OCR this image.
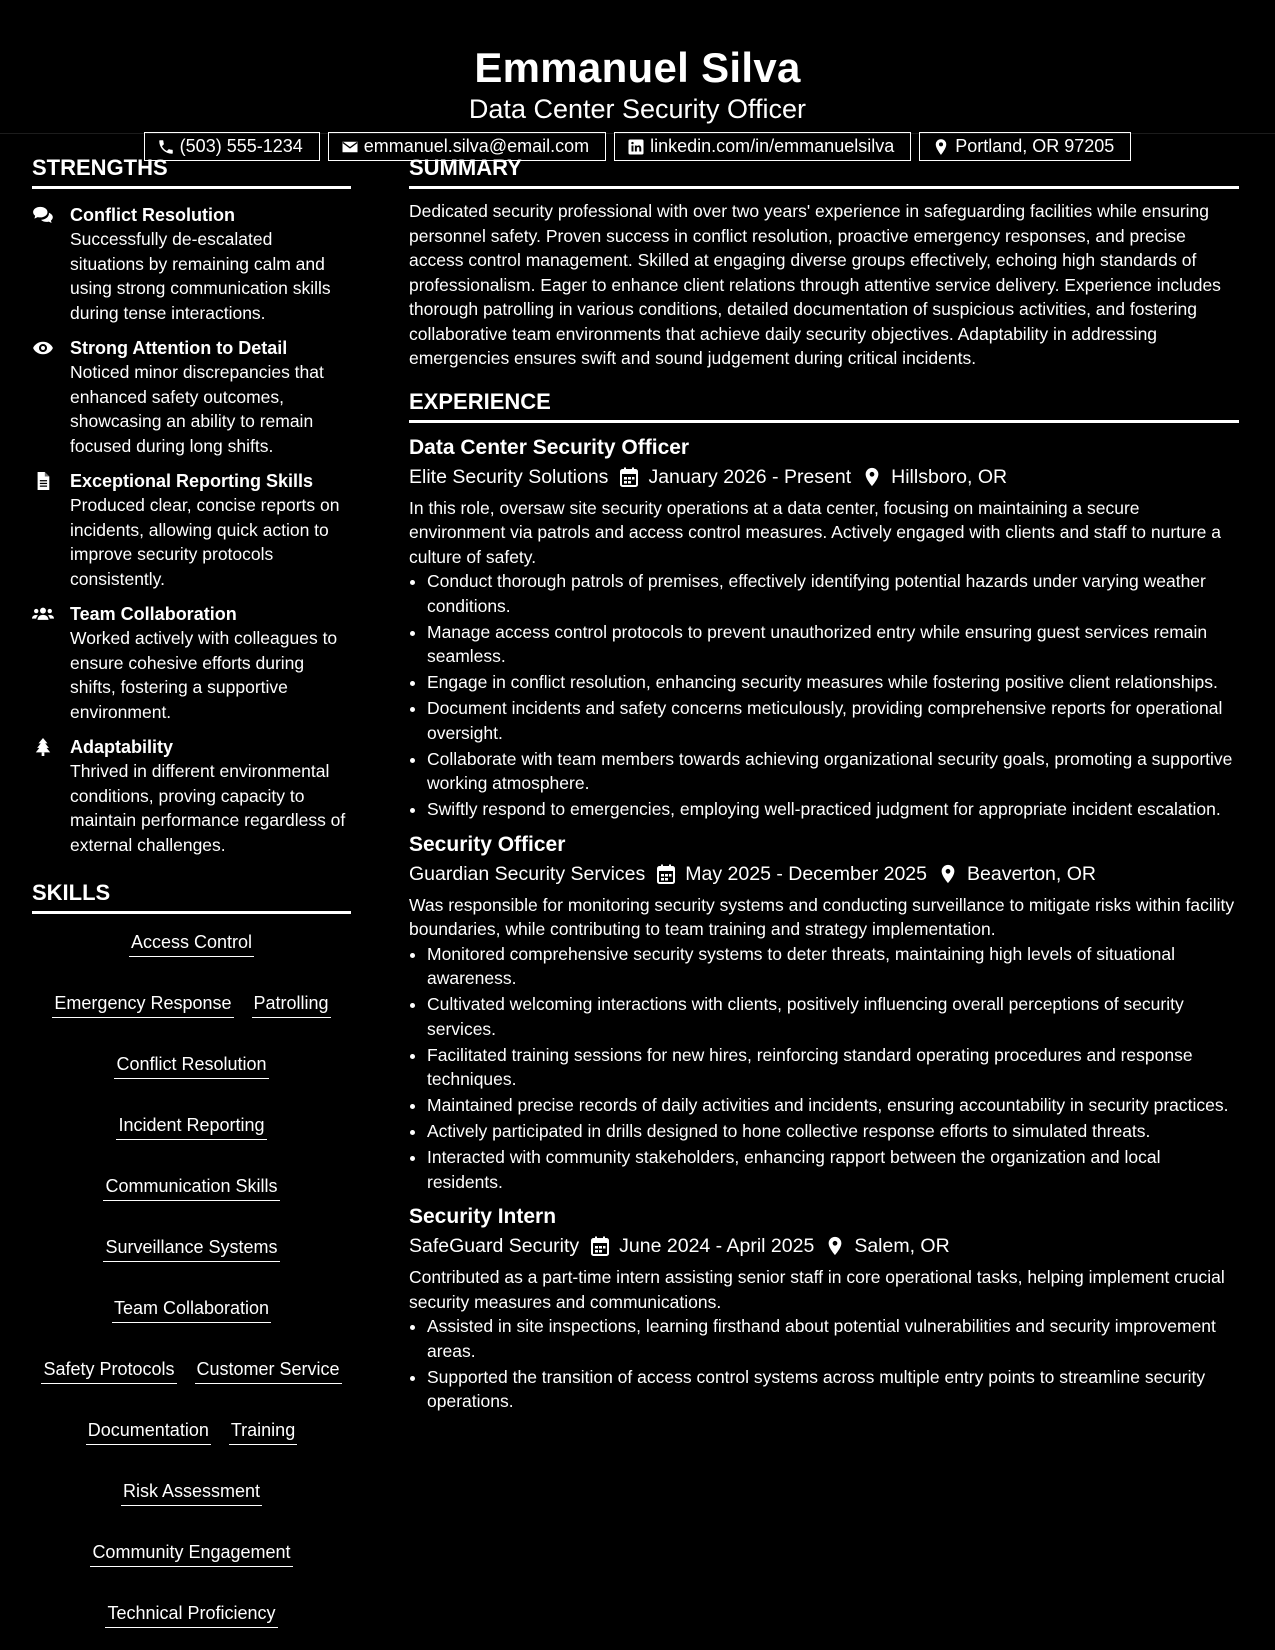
Emmanuel Silva
Data Center Security Officer
(503) 555-1234	emmanuel.silva@email.com	linkedin.com/in/emmanuelsilva	Portland, OR 97205
STRENGTHS
Conflict Resolution
Successfully de-escalated situations by remaining calm and using strong communication skills during tense interactions.
Strong Attention to Detail
Noticed minor discrepancies that enhanced safety outcomes, showcasing an ability to remain focused during long shifts.
Exceptional Reporting Skills
Produced clear, concise reports on incidents, allowing quick action to improve security protocols consistently.
Team Collaboration
Worked actively with colleagues to ensure cohesive efforts during shifts, fostering a supportive environment.
Adaptability
Thrived in different environmental conditions, proving capacity to maintain performance regardless of external challenges.
SKILLS
Access Control
Emergency Response Patrolling
Conflict Resolution
Incident Reporting
Communication Skills
Surveillance Systems
Team Collaboration
Safety Protocols Customer Service
Documentation Training
Risk Assessment
Community Engagement
Technical Proficiency
SUMMARY
Dedicated security professional with over two years' experience in safeguarding facilities while ensuring personnel safety. Proven success in conflict resolution, proactive emergency responses, and precise access control management. Skilled at engaging diverse groups effectively, echoing high standards of professionalism. Eager to enhance client relations through attentive service delivery. Experience includes thorough patrolling in various conditions, detailed documentation of suspicious activities, and fostering collaborative team environments that achieve daily security objectives. Adaptability in addressing emergencies ensures swift and sound judgement during critical incidents.
EXPERIENCE
Data Center Security Officer
Elite Security Solutions January 2026 - Present Hillsboro, OR
In this role, oversaw site security operations at a data center, focusing on maintaining a secure environment via patrols and access control measures. Actively engaged with clients and staff to nurture a culture of safety.
• Conduct thorough patrols of premises, effectively identifying potential hazards under varying weather conditions.
• Manage access control protocols to prevent unauthorized entry while ensuring guest services remain seamless.
• Engage in conflict resolution, enhancing security measures while fostering positive client relationships.
• Document incidents and safety concerns meticulously, providing comprehensive reports for operational oversight.
• Collaborate with team members towards achieving organizational security goals, promoting a supportive working atmosphere.
• Swiftly respond to emergencies, employing well-practiced judgment for appropriate incident escalation.
Security Officer
Guardian Security Services May 2025 - December 2025 Beaverton, OR
Was responsible for monitoring security systems and conducting surveillance to mitigate risks within facility boundaries, while contributing to team training and strategy implementation.
• Monitored comprehensive security systems to deter threats, maintaining high levels of situational awareness.
• Cultivated welcoming interactions with clients, positively influencing overall perceptions of security services.
• Facilitated training sessions for new hires, reinforcing standard operating procedures and response techniques.
• Maintained precise records of daily activities and incidents, ensuring accountability in security practices.
• Actively participated in drills designed to hone collective response efforts to simulated threats.
• Interacted with community stakeholders, enhancing rapport between the organization and local residents.
Security Intern
SafeGuard Security June 2024 - April 2025 Salem, OR
Contributed as a part-time intern assisting senior staff in core operational tasks, helping implement crucial security measures and communications.
• Assisted in site inspections, learning firsthand about potential vulnerabilities and security improvement areas.
• Supported the transition of access control systems across multiple entry points to streamline security operations.
